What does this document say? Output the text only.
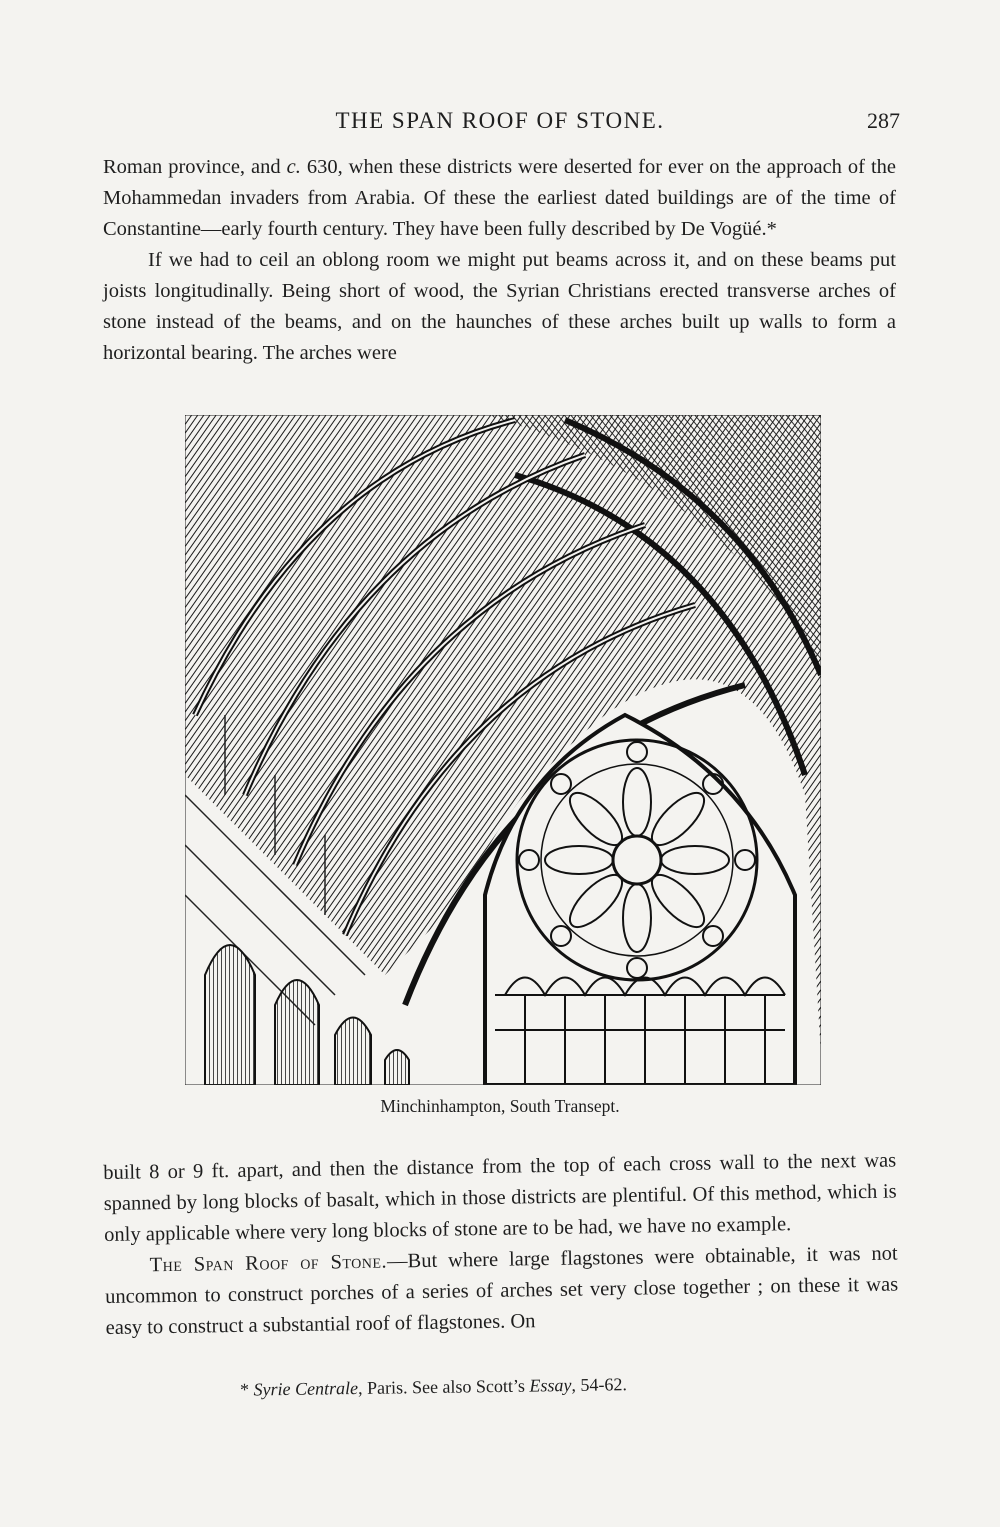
THE SPAN ROOF OF STONE.	287

Roman province, and c. 630, when these districts were deserted for ever on the approach of the Mohammedan invaders from Arabia. Of these the earliest dated buildings are of the time of Constantine—early fourth century. They have been fully described by De Vogüé.*

If we had to ceil an oblong room we might put beams across it, and on these beams put joists longitudinally. Being short of wood, the Syrian Christians erected transverse arches of stone instead of the beams, and on the haunches of these arches built up walls to form a horizontal bearing. The arches were

Minchinhampton, South Transept.

built 8 or 9 ft. apart, and then the distance from the top of each cross wall to the next was spanned by long blocks of basalt, which in those districts are plentiful. Of this method, which is only applicable where very long blocks of stone are to be had, we have no example.

The Span Roof of Stone.—But where large flagstones were obtainable, it was not uncommon to construct porches of a series of arches set very close together ; on these it was easy to construct a substantial roof of flagstones. On

* Syrie Centrale, Paris. See also Scott’s Essay, 54-62.
